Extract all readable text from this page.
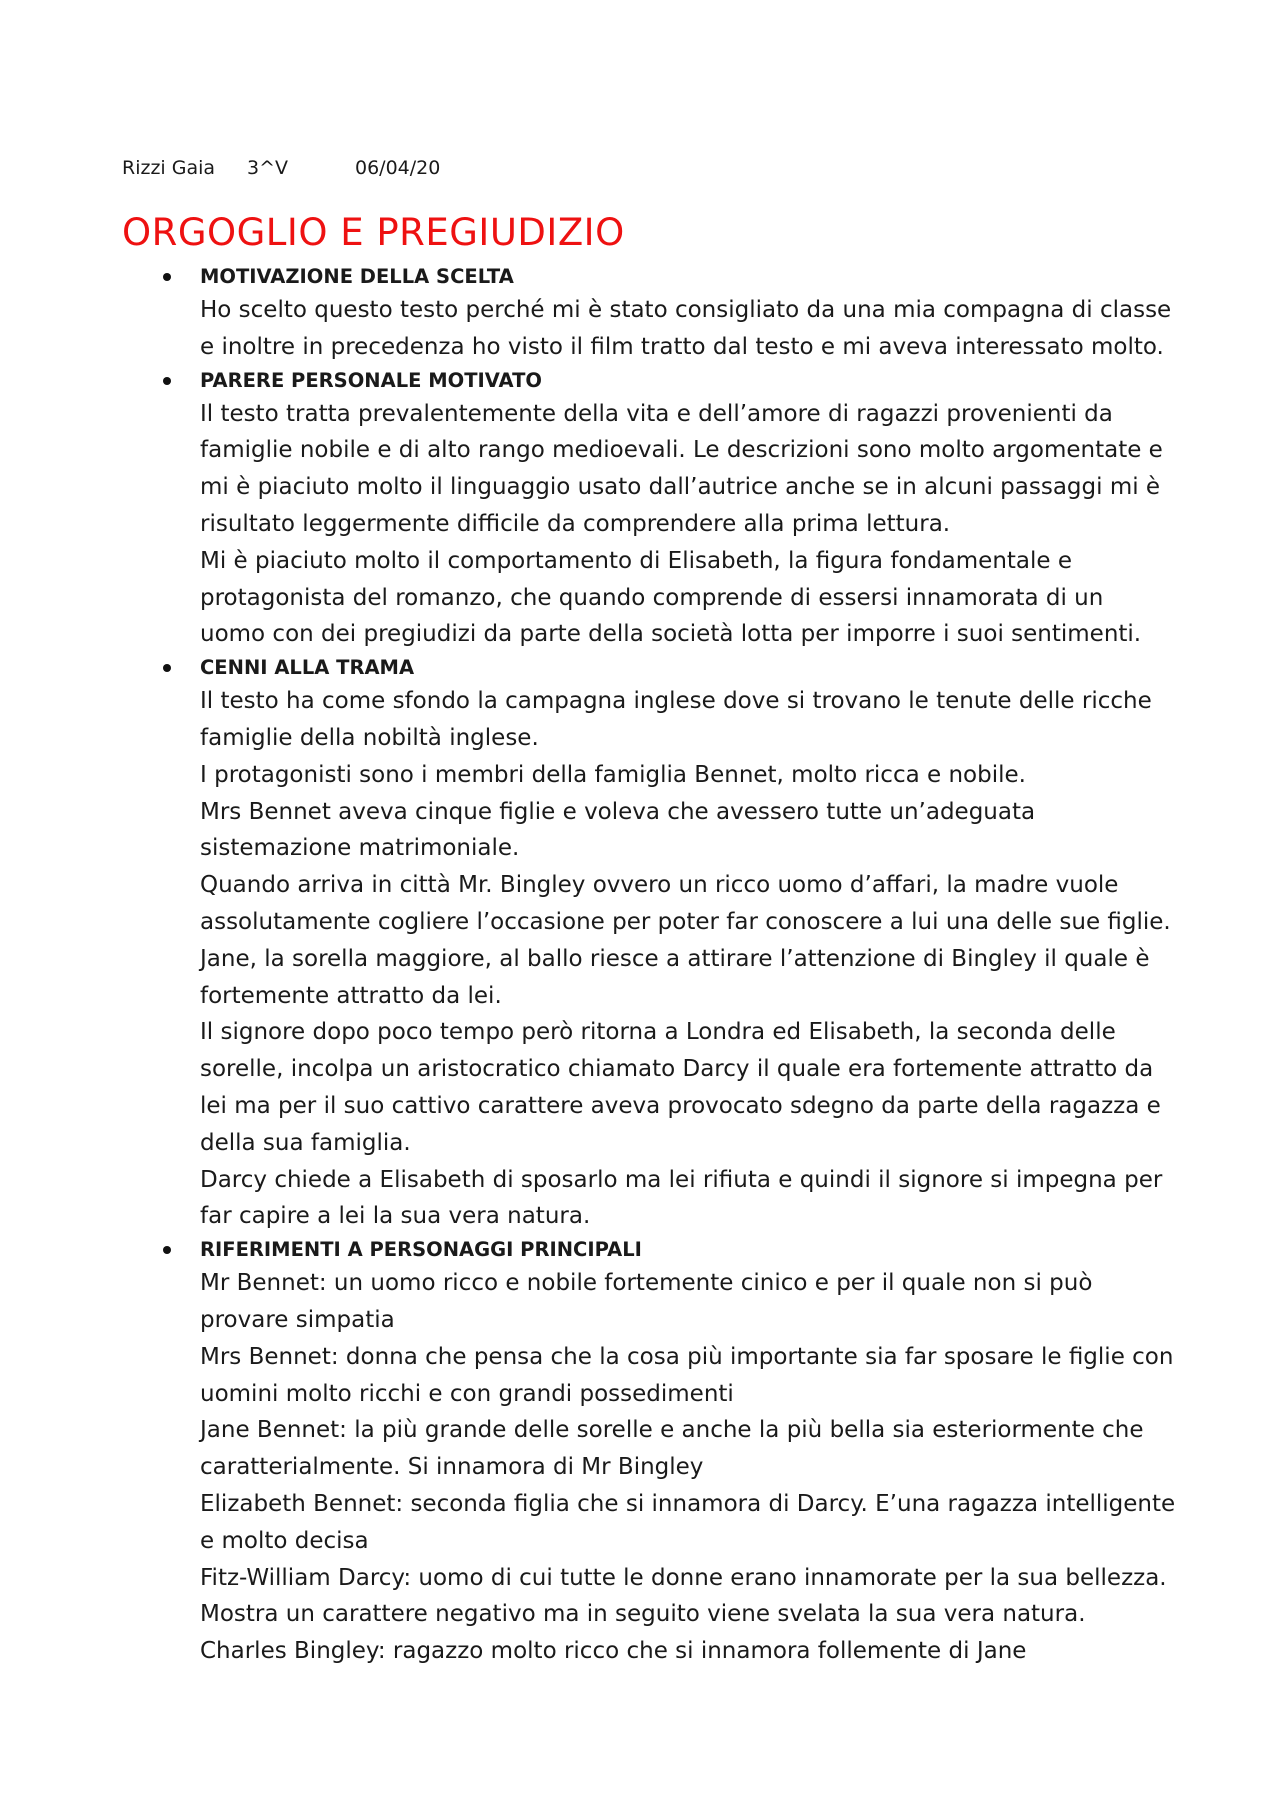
Rizzi Gaia 3^V	06/04/20
ORGOGLIO E PREGIUDIZIO

MOTIVAZIONE DELLA SCELTA

Ho scelto questo testo perché mi è stato consigliato da una mia compagna di classe

e inoltre in precedenza ho visto il film tratto dal testo e mi aveva interessato molto.

PARERE PERSONALE MOTIVATO

Il testo tratta prevalentemente della vita e dell’amore di ragazzi provenienti da

famiglie nobile e di alto rango medioevali. Le descrizioni sono molto argomentate e

mi è piaciuto molto il linguaggio usato dall’autrice anche se in alcuni passaggi mi è

risultato leggermente difficile da comprendere alla prima lettura.

Mi è piaciuto molto il comportamento di Elisabeth, la figura fondamentale e

protagonista del romanzo, che quando comprende di essersi innamorata di un

uomo con dei pregiudizi da parte della società lotta per imporre i suoi sentimenti.

CENNI ALLA TRAMA

Il testo ha come sfondo la campagna inglese dove si trovano le tenute delle ricche

famiglie della nobiltà inglese.

I protagonisti sono i membri della famiglia Bennet, molto ricca e nobile.

Mrs Bennet aveva cinque figlie e voleva che avessero tutte un’adeguata

sistemazione matrimoniale.

Quando arriva in città Mr. Bingley ovvero un ricco uomo d’affari, la madre vuole

assolutamente cogliere l’occasione per poter far conoscere a lui una delle sue figlie.

Jane, la sorella maggiore, al ballo riesce a attirare l’attenzione di Bingley il quale è

fortemente attratto da lei.

Il signore dopo poco tempo però ritorna a Londra ed Elisabeth, la seconda delle

sorelle, incolpa un aristocratico chiamato Darcy il quale era fortemente attratto da

lei ma per il suo cattivo carattere aveva provocato sdegno da parte della ragazza e

della sua famiglia.

Darcy chiede a Elisabeth di sposarlo ma lei rifiuta e quindi il signore si impegna per

far capire a lei la sua vera natura.

RIFERIMENTI A PERSONAGGI PRINCIPALI

Mr Bennet: un uomo ricco e nobile fortemente cinico e per il quale non si può

provare simpatia

Mrs Bennet: donna che pensa che la cosa più importante sia far sposare le figlie con

uomini molto ricchi e con grandi possedimenti

Jane Bennet: la più grande delle sorelle e anche la più bella sia esteriormente che

caratterialmente. Si innamora di Mr Bingley

Elizabeth Bennet: seconda figlia che si innamora di Darcy. E’una ragazza intelligente

e molto decisa

Fitz-William Darcy: uomo di cui tutte le donne erano innamorate per la sua bellezza.

Mostra un carattere negativo ma in seguito viene svelata la sua vera natura.

Charles Bingley: ragazzo molto ricco che si innamora follemente di Jane
